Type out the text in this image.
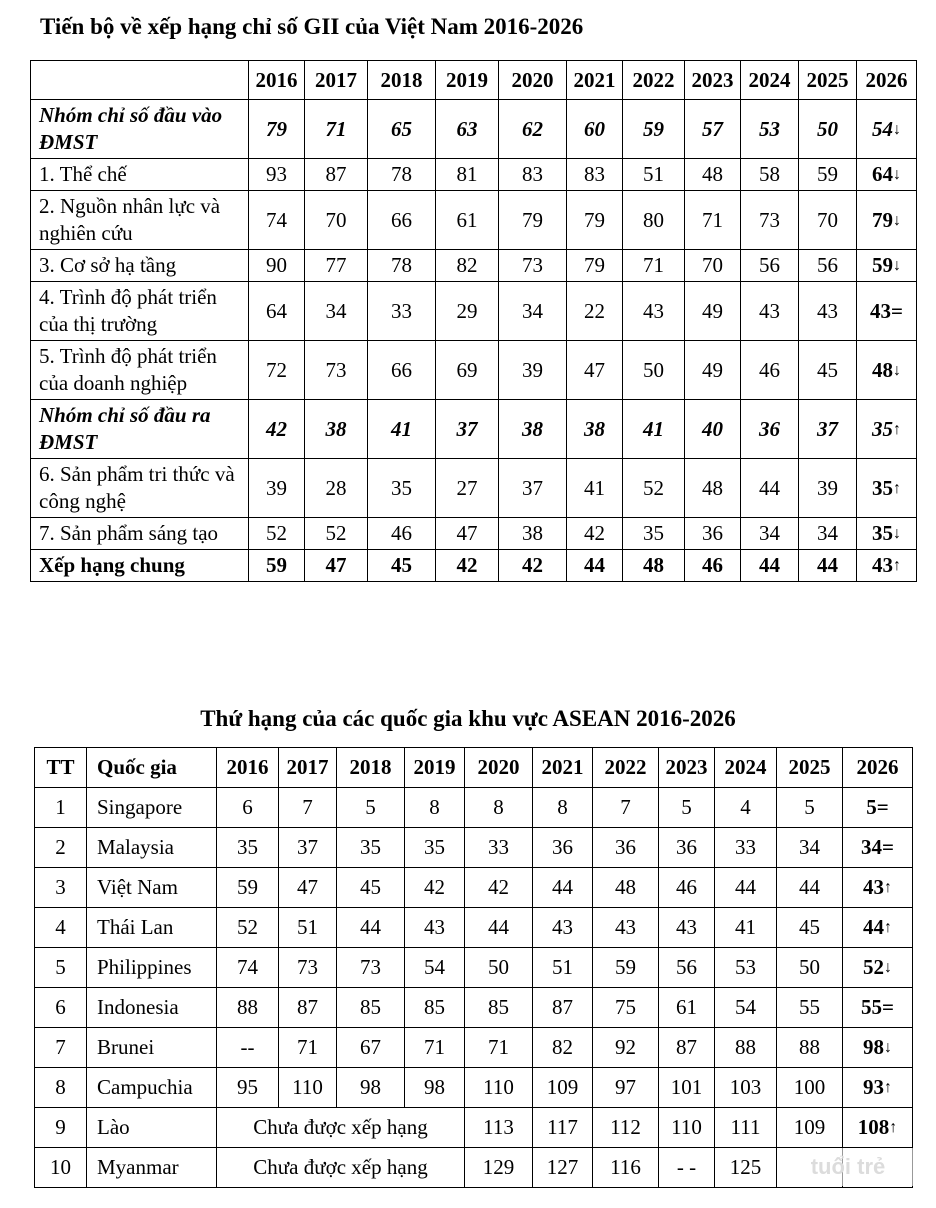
Tiến bộ về xếp hạng chỉ số GII của Việt Nam 2016-2026
	2016	2017	2018	2019	2020	2021	2022	2023	2024	2025	2026
Nhóm chỉ số đầu vào ĐMST	79	71	65	63	62	60	59	57	53	50	54↓
1. Thể chế	93	87	78	81	83	83	51	48	58	59	64↓
2. Nguồn nhân lực và nghiên cứu	74	70	66	61	79	79	80	71	73	70	79↓
3. Cơ sở hạ tầng	90	77	78	82	73	79	71	70	56	56	59↓
4. Trình độ phát triển của thị trường	64	34	33	29	34	22	43	49	43	43	43=
5. Trình độ phát triển của doanh nghiệp	72	73	66	69	39	47	50	49	46	45	48↓
Nhóm chỉ số đầu ra ĐMST	42	38	41	37	38	38	41	40	36	37	35↑
6. Sản phẩm tri thức và công nghệ	39	28	35	27	37	41	52	48	44	39	35↑
7. Sản phẩm sáng tạo	52	52	46	47	38	42	35	36	34	34	35↓
Xếp hạng chung	59	47	45	42	42	44	48	46	44	44	43↑
Thứ hạng của các quốc gia khu vực ASEAN 2016-2026
TT	Quốc gia	2016	2017	2018	2019	2020	2021	2022	2023	2024	2025	2026
1	Singapore	6	7	5	8	8	8	7	5	4	5	5=
2	Malaysia	35	37	35	35	33	36	36	36	33	34	34=
3	Việt Nam	59	47	45	42	42	44	48	46	44	44	43↑
4	Thái Lan	52	51	44	43	44	43	43	43	41	45	44↑
5	Philippines	74	73	73	54	50	51	59	56	53	50	52↓
6	Indonesia	88	87	85	85	85	87	75	61	54	55	55=
7	Brunei	--	71	67	71	71	82	92	87	88	88	98↓
8	Campuchia	95	110	98	98	110	109	97	101	103	100	93↑
9	Lào	Chưa được xếp hạng				113	117	112	110	111	109	108↑
10	Myanmar	Chưa được xếp hạng				129	127	116	- -	125			tuổi trẻ
